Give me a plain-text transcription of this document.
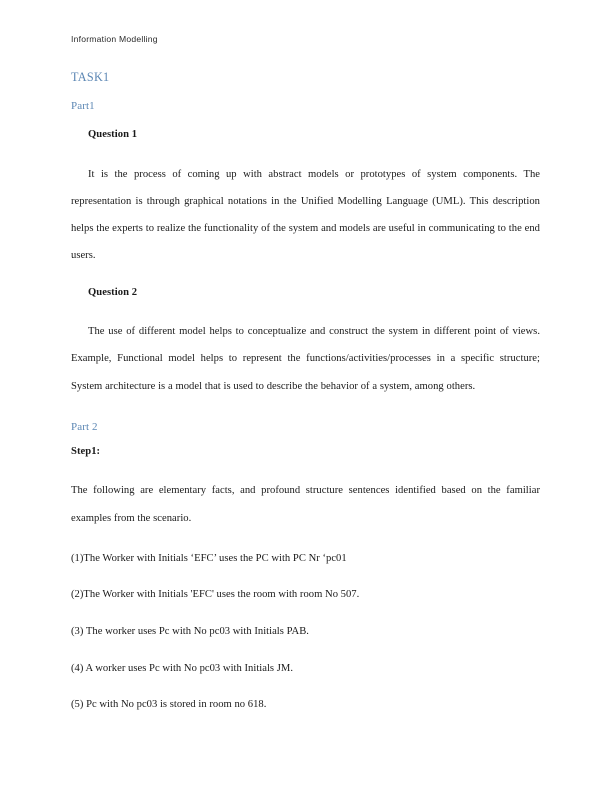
Information Modelling
TASK1
Part1
Question 1

It is the process of coming up with abstract models or prototypes of system components. The representation is through graphical notations in the Unified Modelling Language (UML). This description helps the experts to realize the functionality of the system and models are useful in communicating to the end users.

Question 2

The use of different model helps to conceptualize and construct the system in different point of views. Example, Functional model helps to represent the functions/activities/processes in a specific structure; System architecture is a model that is used to describe the behavior of a system, among others.

Part 2
Step1:

The following are elementary facts, and profound structure sentences identified based on the familiar examples from the scenario.

(1)The Worker with Initials ‘EFC’ uses the PC with PC Nr ‘pc01

(2)The Worker with Initials 'EFC' uses the room with room No 507.

(3) The worker uses Pc with No pc03 with Initials PAB.

(4) A worker uses Pc with No pc03 with Initials JM.

(5) Pc with No pc03 is stored in room no 618.
